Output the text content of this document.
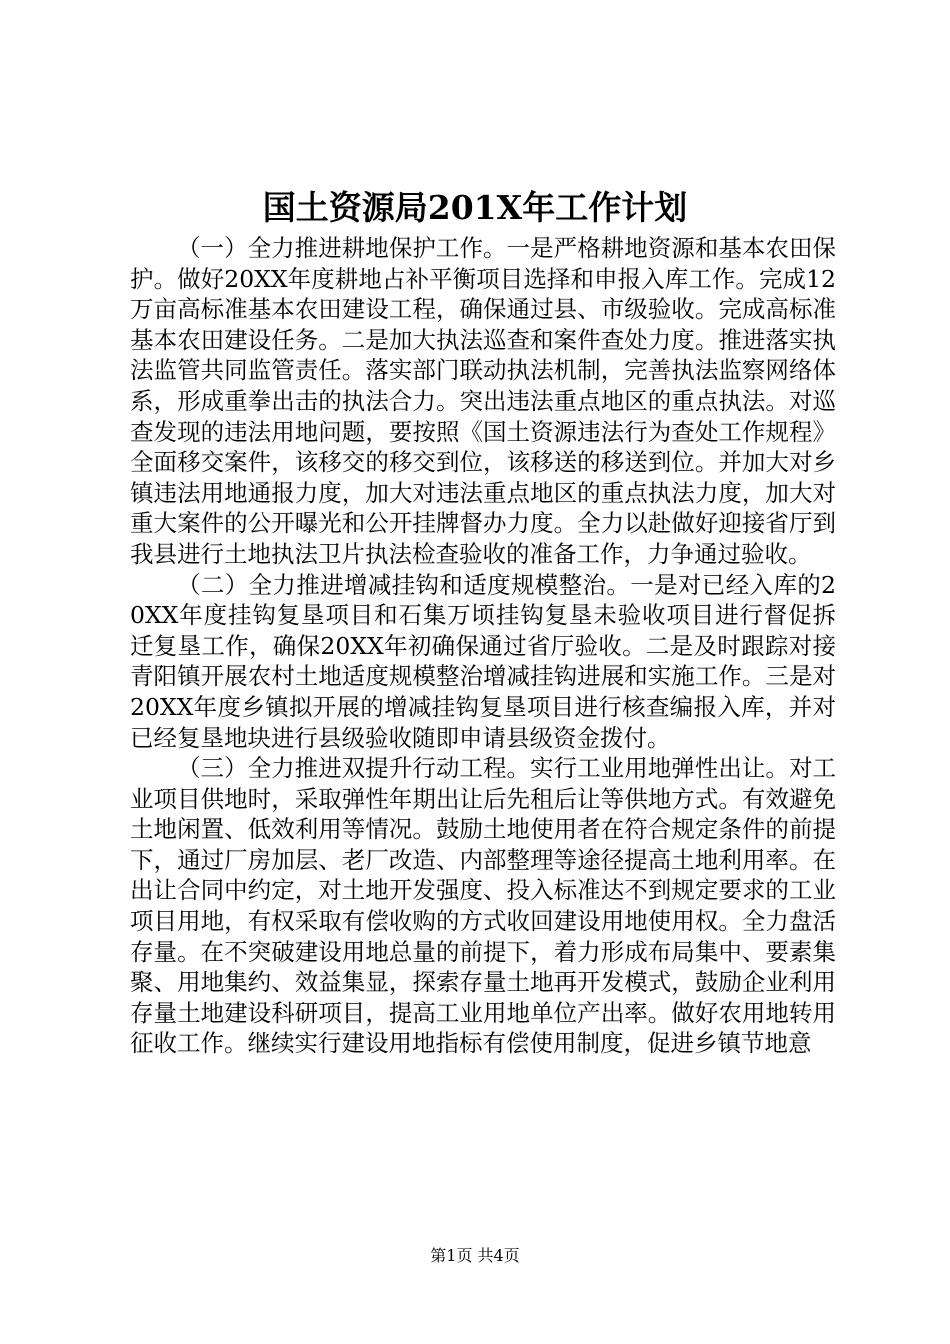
国土资源局201X年工作计划

（一）全力推进耕地保护工作。一是严格耕地资源和基本农田保护。做好20XX年度耕地占补平衡项目选择和申报入库工作。完成12万亩高标准基本农田建设工程，确保通过县、市级验收。完成高标准基本农田建设任务。二是加大执法巡查和案件查处力度。推进落实执法监管共同监管责任。落实部门联动执法机制，完善执法监察网络体系，形成重拳出击的执法合力。突出违法重点地区的重点执法。对巡查发现的违法用地问题，要按照《国土资源违法行为查处工作规程》全面移交案件，该移交的移交到位，该移送的移送到位。并加大对乡镇违法用地通报力度，加大对违法重点地区的重点执法力度，加大对重大案件的公开曝光和公开挂牌督办力度。全力以赴做好迎接省厅到我县进行土地执法卫片执法检查验收的准备工作，力争通过验收。

（二）全力推进增减挂钩和适度规模整治。一是对已经入库的20XX年度挂钩复垦项目和石集万顷挂钩复垦未验收项目进行督促拆迁复垦工作，确保20XX年初确保通过省厅验收。二是及时跟踪对接青阳镇开展农村土地适度规模整治增减挂钩进展和实施工作。三是对20XX年度乡镇拟开展的增减挂钩复垦项目进行核查编报入库，并对已经复垦地块进行县级验收随即申请县级资金拨付。

（三）全力推进双提升行动工程。实行工业用地弹性出让。对工业项目供地时，采取弹性年期出让后先租后让等供地方式。有效避免土地闲置、低效利用等情况。鼓励土地使用者在符合规定条件的前提下，通过厂房加层、老厂改造、内部整理等途径提高土地利用率。在出让合同中约定，对土地开发强度、投入标准达不到规定要求的工业项目用地，有权采取有偿收购的方式收回建设用地使用权。全力盘活存量。在不突破建设用地总量的前提下，着力形成布局集中、要素集聚、用地集约、效益集显，探索存量土地再开发模式，鼓励企业利用存量土地建设科研项目，提高工业用地单位产出率。做好农用地转用征收工作。继续实行建设用地指标有偿使用制度，促进乡镇节地意

第1页 共4页
